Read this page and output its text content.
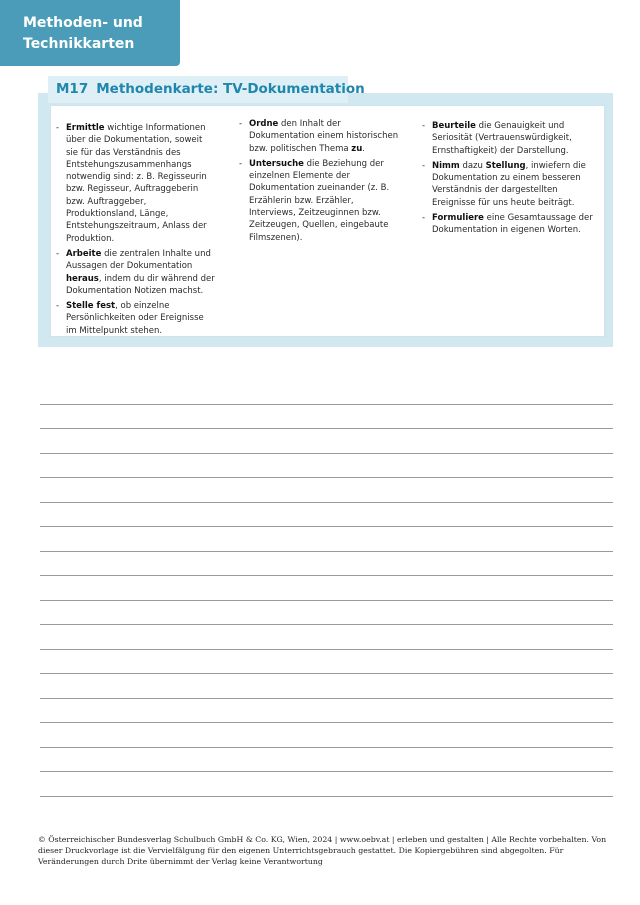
Methoden- und
Technikkarten
M17 Methodenkarte: TV-Dokumentation
- Ermittle wichtige Informationen über die Dokumentation, soweit sie für das Verständnis des Entstehungszusammenhangs notwendig sind: z. B. Regisseurin bzw. Regisseur, Auftraggeberin bzw. Auftraggeber, Produktionsland, Länge, Entstehungszeitraum, Anlass der Produktion.
- Arbeite die zentralen Inhalte und Aussagen der Dokumentation heraus, indem du dir während der Dokumentation Notizen machst.
- Stelle fest, ob einzelne Persönlichkeiten oder Ereignisse im Mittelpunkt stehen.
- Ordne den Inhalt der Dokumentation einem historischen bzw. politischen Thema zu.
- Untersuche die Beziehung der einzelnen Elemente der Dokumentation zueinander (z. B. Erzählerin bzw. Erzähler, Interviews, Zeitzeuginnen bzw. Zeitzeugen, Quellen, eingebaute Filmszenen).
- Beurteile die Genauigkeit und Seriosität (Vertrauenswürdigkeit, Ernsthaftigkeit) der Darstellung.
- Nimm dazu Stellung, inwiefern die Dokumentation zu einem besseren Verständnis der dargestellten Ereignisse für uns heute beiträgt.
- Formuliere eine Gesamtaussage der Dokumentation in eigenen Worten.
© Österreichischer Bundesverlag Schulbuch GmbH & Co. KG, Wien, 2024 | www.oebv.at | erleben und gestalten | Alle Rechte vorbehalten. Von dieser Druckvorlage ist die Vervielfälgung für den eigenen Unterrichtsgebrauch gestattet. Die Kopiergebühren sind abgegolten. Für Veränderungen durch Drite übernimmt der Verlag keine Verantwortung
